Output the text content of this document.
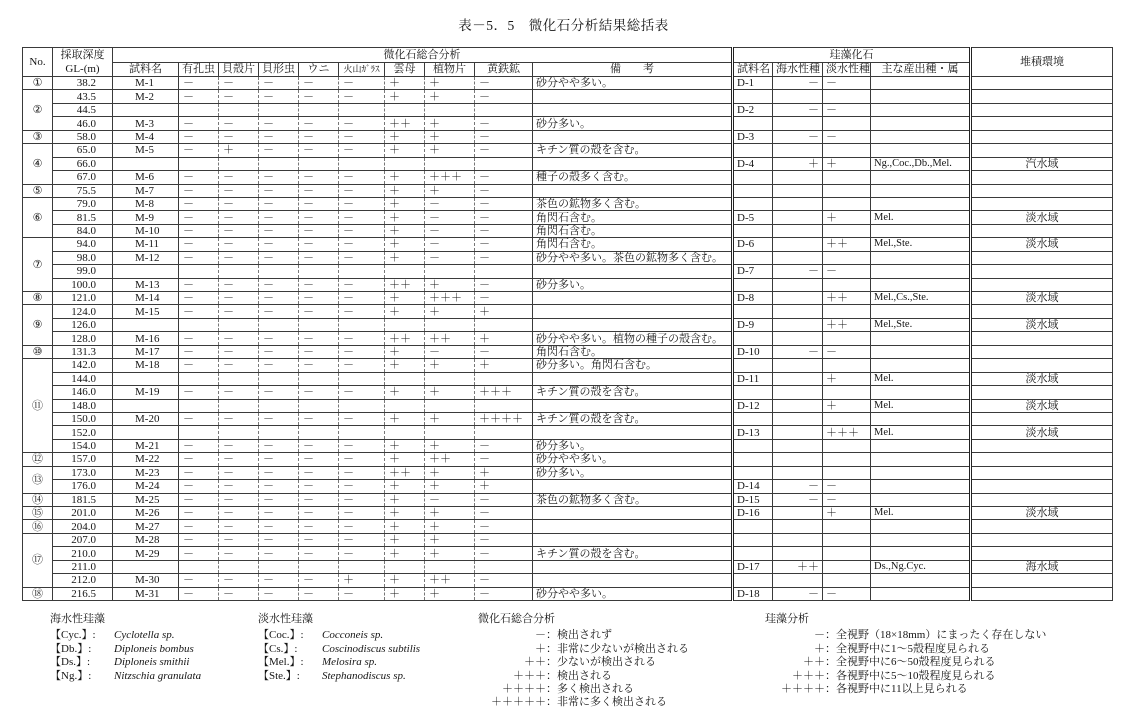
表－5．5　微化石分析結果総括表
No.	採取深度
GL-(m)	微化石総合分析										珪藻化石				堆積環境
		試料名	有孔虫	貝殻片	貝形虫	ウニ	火山ｶﾞﾗｽ	雲母	植物片	黄鉄鉱	備　　考	試料名	海水性種	淡水性種	主な産出種・属	
①	38.2	M-1	－	－	－	－	－	＋	＋	－	砂分やや多い。	D-1	－	－		
②	43.5	M-2	－	－	－	－	－	＋	＋	－						
	44.5											D-2	－	－		
	46.0	M-3	－	－	－	－	－	＋＋	＋	－	砂分多い。					
③	58.0	M-4	－	－	－	－	－	＋	＋	－		D-3	－	－		
④	65.0	M-5	－	＋	－	－	－	＋	＋	－	キチン質の殻を含む。					
	66.0											D-4	＋	＋	Ng.,Coc.,Db.,Mel.	汽水域
	67.0	M-6	－	－	－	－	－	＋	＋＋＋	－	種子の殻多く含む。					
⑤	75.5	M-7	－	－	－	－	－	＋	＋	－						
⑥	79.0	M-8	－	－	－	－	－	＋	－	－	茶色の鉱物多く含む。					
	81.5	M-9	－	－	－	－	－	＋	－	－	角閃石含む。	D-5		＋	Mel.	淡水域
	84.0	M-10	－	－	－	－	－	＋	－	－	角閃石含む。					
⑦	94.0	M-11	－	－	－	－	－	＋	－	－	角閃石含む。	D-6		＋＋	Mel.,Ste.	淡水域
	98.0	M-12	－	－	－	－	－	＋	－	－	砂分やや多い。茶色の鉱物多く含む。					
	99.0											D-7	－	－		
	100.0	M-13	－	－	－	－	－	＋＋	＋	－	砂分多い。					
⑧	121.0	M-14	－	－	－	－	－	＋	＋＋＋	－		D-8		＋＋	Mel.,Cs.,Ste.	淡水域
⑨	124.0	M-15	－	－	－	－	－	＋	＋	＋						
	126.0											D-9		＋＋	Mel.,Ste.	淡水域
	128.0	M-16	－	－	－	－	－	＋＋	＋＋	＋	砂分やや多い。植物の種子の殻含む。					
⑩	131.3	M-17	－	－	－	－	－	＋	－	－	角閃石含む。	D-10	－	－		
⑪	142.0	M-18	－	－	－	－	－	＋	＋	＋	砂分多い。角閃石含む。					
	144.0											D-11		＋	Mel.	淡水域
	146.0	M-19	－	－	－	－	－	＋	＋	＋＋＋	キチン質の殻を含む。					
	148.0											D-12		＋	Mel.	淡水域
	150.0	M-20	－	－	－	－	－	＋	＋	＋＋＋＋	キチン質の殻を含む。					
	152.0											D-13		＋＋＋	Mel.	淡水域
	154.0	M-21	－	－	－	－	－	＋	＋	－	砂分多い。					
⑫	157.0	M-22	－	－	－	－	－	＋	＋＋	－	砂分やや多い。					
⑬	173.0	M-23	－	－	－	－	－	＋＋	＋	＋	砂分多い。					
	176.0	M-24	－	－	－	－	－	＋	＋	＋		D-14	－	－		
⑭	181.5	M-25	－	－	－	－	－	＋	－	－	茶色の鉱物多く含む。	D-15	－	－		
⑮	201.0	M-26	－	－	－	－	－	＋	＋	－		D-16		＋	Mel.	淡水域
⑯	204.0	M-27	－	－	－	－	－	＋	＋	－						
⑰	207.0	M-28	－	－	－	－	－	＋	＋	－						
	210.0	M-29	－	－	－	－	－	＋	＋	－	キチン質の殻を含む。					
	211.0											D-17	＋＋		Ds.,Ng.Cyc.	海水域
	212.0	M-30	－	－	－	－	＋	＋	＋＋	－						
⑱	216.5	M-31	－	－	－	－	－	＋	＋	－	砂分やや多い。	D-18	－	－		
海水性珪藻
【Cyc.】: Cyclotella sp.
【Db.】: Diploneis bombus
【Ds.】: Diploneis smithii
【Ng.】: Nitzschia granulata
淡水性珪藻
【Coc.】: Cocconeis sp.
【Cs.】: Coscinodiscus subtilis
【Mel.】: Melosira sp.
【Ste.】: Stephanodiscus sp.
微化石総合分析
－：検出されず
＋：非常に少ないが検出される
＋＋：少ないが検出される
＋＋＋：検出される
＋＋＋＋：多く検出される
＋＋＋＋＋：非常に多く検出される
珪藻分析
－：全視野（18×18mm）にまったく存在しない
＋：全視野中に1～5殻程度見られる
＋＋：全視野中に6～50殻程度見られる
＋＋＋：各視野中に5～10殻程度見られる
＋＋＋＋：各視野中に11以上見られる
